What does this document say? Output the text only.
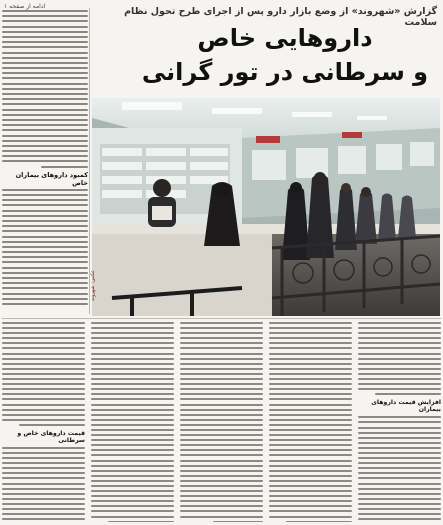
ادامه از صفحه ۱	گزارش «شهروند» از وضع بازار دارو پس از اجرای طرح تحول نظام سلامت
داروهایی خاص
و سرطانی در تور گرانی
کمبود داروهای بیماران خاص
عکس: شهروند
افزایش قیمت داروهای بیماران
قیمت داروهای خاص و سرطانی
